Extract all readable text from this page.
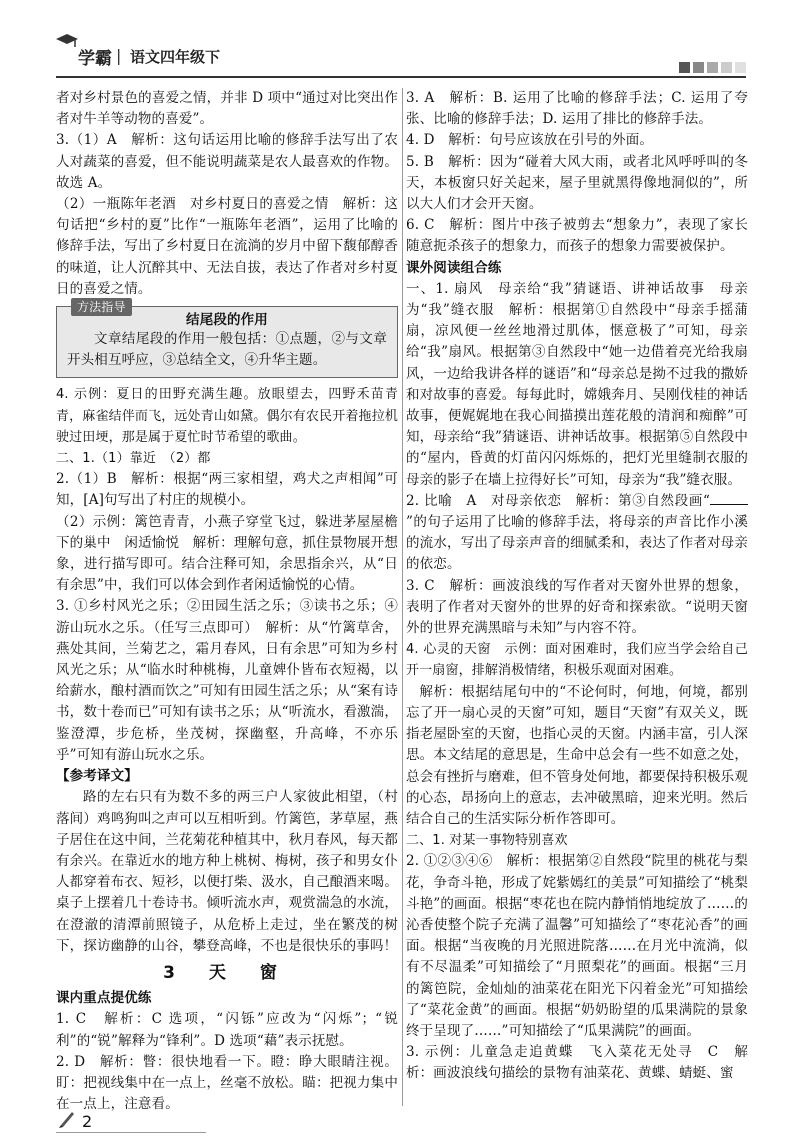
学霸 | 语文四年级下

者对乡村景色的喜爱之情，并非 D 项中“通过对比突出作者对牛羊等动物的喜爱”。

3.（1）A　解析：这句话运用比喻的修辞手法写出了农人对蔬菜的喜爱，但不能说明蔬菜是农人最喜欢的作物。故选 A。

（2）一瓶陈年老酒　对乡村夏日的喜爱之情　解析：这句话把“乡村的夏”比作“一瓶陈年老酒”，运用了比喻的修辞手法，写出了乡村夏日在流淌的岁月中留下馥郁醇香的味道，让人沉醉其中、无法自拔，表达了作者对乡村夏日的喜爱之情。

方法指导
结尾段的作用

文章结尾段的作用一般包括：①点题，②与文章开头相互呼应，③总结全文，④升华主题。

4. 示例：夏日的田野充满生趣。放眼望去，四野禾苗青青，麻雀结伴而飞，远处青山如黛。偶尔有农民开着拖拉机驶过田埂，那是属于夏忙时节希望的歌曲。

二、1.（1）靠近　（2）都

2.（1）B　解析：根据“两三家相望，鸡犬之声相闻”可知，[A]句写出了村庄的规模小。

（2）示例：篱笆青青，小燕子穿堂飞过，躲进茅屋屋檐下的巢中　闲适愉悦　解析：理解句意，抓住景物展开想象，进行描写即可。结合注释可知，余思指余兴，从“日有余思”中，我们可以体会到作者闲适愉悦的心情。

3. ①乡村风光之乐；②田园生活之乐；③读书之乐；④游山玩水之乐。（任写三点即可）　解析：从“竹篱草舍，燕处其间，兰菊艺之，霜月春风，日有余思”可知为乡村风光之乐；从“临水时种桃梅，儿童婢仆皆布衣短褐，以给薪水，酿村酒而饮之”可知有田园生活之乐；从“案有诗书，数十卷而已”可知有读书之乐；从“听流水，看激湍，鉴澄潭，步危桥，坐茂树，探幽壑，升高峰，不亦乐乎”可知有游山玩水之乐。

【参考译文】

路的左右只有为数不多的两三户人家彼此相望，（村落间）鸡鸣狗叫之声可以互相听到。竹篱笆，茅草屋，燕子居住在这中间，兰花菊花种植其中，秋月春风，每天都有余兴。在靠近水的地方种上桃树、梅树，孩子和男女仆人都穿着布衣、短衫，以便打柴、汲水，自己酿酒来喝。桌子上摆着几十卷诗书。倾听流水声，观赏湍急的水流，在澄澈的清潭前照镜子，从危桥上走过，坐在繁茂的树下，探访幽静的山谷，攀登高峰，不也是很快乐的事吗！

3 天 窗

课内重点提优练

1. C　解析：C 选项，“闪铄”应改为“闪烁”；“锐利”的“锐”解释为“锋利”。D 选项“藉”表示抚慰。

2. D　解析：瞥：很快地看一下。瞪：睁大眼睛注视。盯：把视线集中在一点上，丝毫不放松。瞄：把视力集中在一点上，注意看。

3. A　解析：B. 运用了比喻的修辞手法；C. 运用了夸张、比喻的修辞手法；D. 运用了排比的修辞手法。

4. D　解析：句号应该放在引号的外面。

5. B　解析：因为“碰着大风大雨，或者北风呼呼叫的冬天，本板窗只好关起来，屋子里就黑得像地洞似的”，所以大人们才会开天窗。

6. C　解析：图片中孩子被剪去“想象力”，表现了家长随意扼杀孩子的想象力，而孩子的想象力需要被保护。

课外阅读组合练

一、1. 扇风　母亲给“我”猜谜语、讲神话故事　母亲为“我”缝衣服　解析：根据第①自然段中“母亲手摇蒲扇，凉风便一丝丝地滑过肌体，惬意极了”可知，母亲给“我”扇风。根据第③自然段中“她一边借着亮光给我扇风，一边给我讲各样的谜语”和“母亲总是拗不过我的撒娇和对故事的喜爱。每每此时，嫦娥奔月、吴刚伐桂的神话故事，便娓娓地在我心间描摸出莲花般的清润和痴醉”可知，母亲给“我”猜谜语、讲神话故事。根据第⑤自然段中的“屋内，昏黄的灯苗闪闪烁烁的，把灯光里缝制衣服的母亲的影子在墙上拉得好长”可知，母亲为“我”缝衣服。

2. 比喻　A　对母亲依恋　解析：第③自然段画“”的句子运用了比喻的修辞手法，将母亲的声音比作小溪的流水，写出了母亲声音的细腻柔和，表达了作者对母亲的依恋。

3. C　解析：画波浪线的写作者对天窗外世界的想象，表明了作者对天窗外的世界的好奇和探索欲。“说明天窗外的世界充满黑暗与未知”与内容不符。

4. 心灵的天窗　示例：面对困难时，我们应当学会给自己开一扇窗，排解消极情绪，积极乐观面对困难。

解析：根据结尾句中的“不论何时，何地，何境，都别忘了开一扇心灵的天窗”可知，题目“天窗”有双关义，既指老屋卧室的天窗，也指心灵的天窗。内涵丰富，引人深思。本文结尾的意思是，生命中总会有一些不如意之处，总会有挫折与磨难，但不管身处何地，都要保持积极乐观的心态，昂扬向上的意志，去冲破黑暗，迎来光明。然后结合自己的生活实际分析作答即可。

二、1. 对某一事物特别喜欢

2. ①②③④⑥　解析：根据第②自然段“院里的桃花与梨花，争奇斗艳，形成了姹紫嫣红的美景”可知描绘了“桃梨斗艳”的画面。根据“枣花也在院内静悄悄地绽放了……的沁香使整个院子充满了温馨”可知描绘了“枣花沁香”的画面。根据“当夜晚的月光照进院落……在月光中流淌，似有不尽温柔”可知描绘了“月照梨花”的画面。根据“三月的篱笆院，金灿灿的油菜花在阳光下闪着金光”可知描绘了“菜花金黄”的画面。根据“奶奶盼望的瓜果满院的景象终于呈现了……”可知描绘了“瓜果满院”的画面。

3. 示例：儿童急走追黄蝶　飞入菜花无处寻　C　解析：画波浪线句描绘的景物有油菜花、黄蝶、蜻蜓、蜜

2
